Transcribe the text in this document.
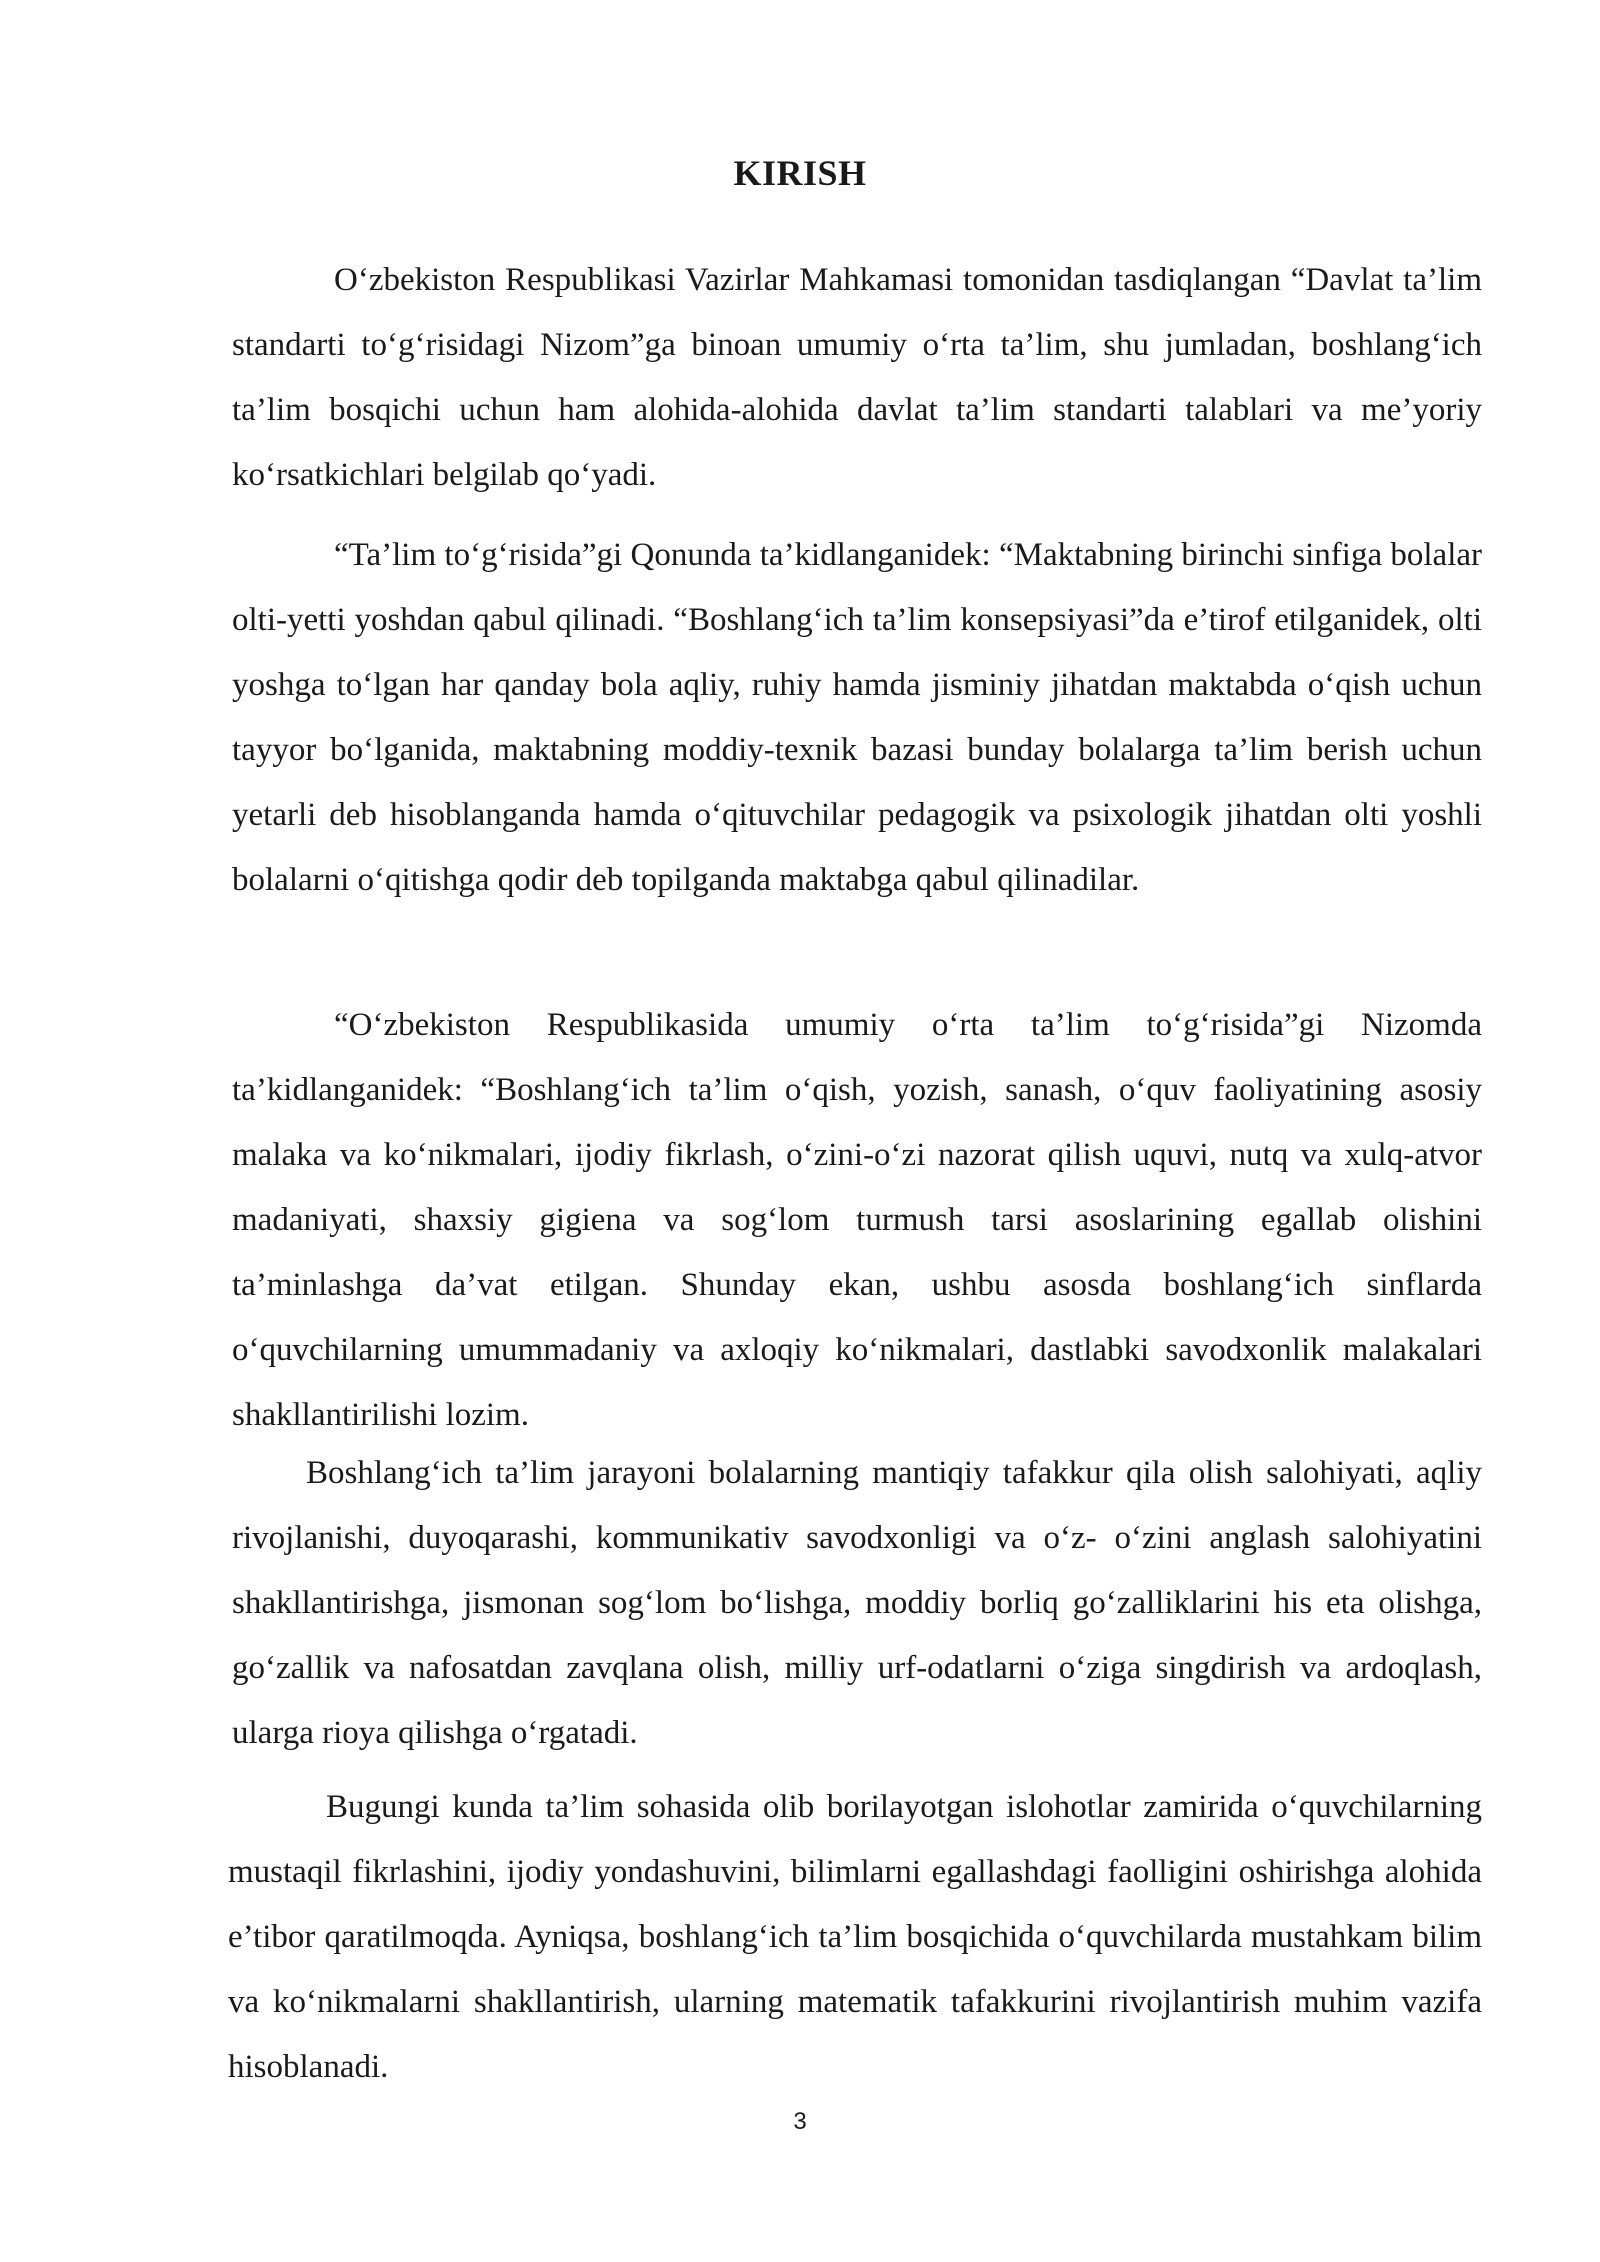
KIRISH

O‘zbekiston Respublikasi Vazirlar Mahkamasi tomonidan tasdiqlangan “Davlat ta’lim standarti to‘g‘risidagi Nizom”ga binoan umumiy o‘rta ta’lim, shu jumladan, boshlang‘ich ta’lim bosqichi uchun ham alohida-alohida davlat ta’lim standarti talablari va me’yoriy ko‘rsatkichlari belgilab qo‘yadi.

“Ta’lim to‘g‘risida”gi Qonunda ta’kidlanganidek: “Maktabning birinchi sinfiga bolalar olti-yetti yoshdan qabul qilinadi. “Boshlang‘ich ta’lim konsepsiyasi”da e’tirof etilganidek, olti yoshga to‘lgan har qanday bola aqliy, ruhiy hamda jisminiy jihatdan maktabda o‘qish uchun tayyor bo‘lganida, maktabning moddiy-texnik bazasi bunday bolalarga ta’lim berish uchun yetarli deb hisoblanganda hamda o‘qituvchilar pedagogik va psixologik jihatdan olti yoshli bolalarni o‘qitishga qodir deb topilganda maktabga qabul qilinadilar.

“O‘zbekiston Respublikasida umumiy o‘rta ta’lim to‘g‘risida”gi Nizomda ta’kidlanganidek: “Boshlang‘ich ta’lim o‘qish, yozish, sanash, o‘quv faoliyatining asosiy malaka va ko‘nikmalari, ijodiy fikrlash, o‘zini-o‘zi nazorat qilish uquvi, nutq va xulq-atvor madaniyati, shaxsiy gigiena va sog‘lom turmush tarsi asoslarining egallab olishini ta’minlashga da’vat etilgan. Shunday ekan, ushbu asosda boshlang‘ich sinflarda o‘quvchilarning umummadaniy va axloqiy ko‘nikmalari, dastlabki savodxonlik malakalari shakllantirilishi lozim.

Boshlang‘ich ta’lim jarayoni bolalarning mantiqiy tafakkur qila olish salohiyati, aqliy rivojlanishi, duyoqarashi, kommunikativ savodxonligi va o‘z- o‘zini anglash salohiyatini shakllantirishga, jismonan sog‘lom bo‘lishga, moddiy borliq go‘zalliklarini his eta olishga, go‘zallik va nafosatdan zavqlana olish, milliy urf-odatlarni o‘ziga singdirish va ardoqlash, ularga rioya qilishga o‘rgatadi.

Bugungi kunda ta’lim sohasida olib borilayotgan islohotlar zamirida o‘quvchilarning mustaqil fikrlashini, ijodiy yondashuvini, bilimlarni egallashdagi faolligini oshirishga alohida e’tibor qaratilmoqda. Ayniqsa, boshlang‘ich ta’lim bosqichida o‘quvchilarda mustahkam bilim va ko‘nikmalarni shakllantirish, ularning matematik tafakkurini rivojlantirish muhim vazifa hisoblanadi.

3
